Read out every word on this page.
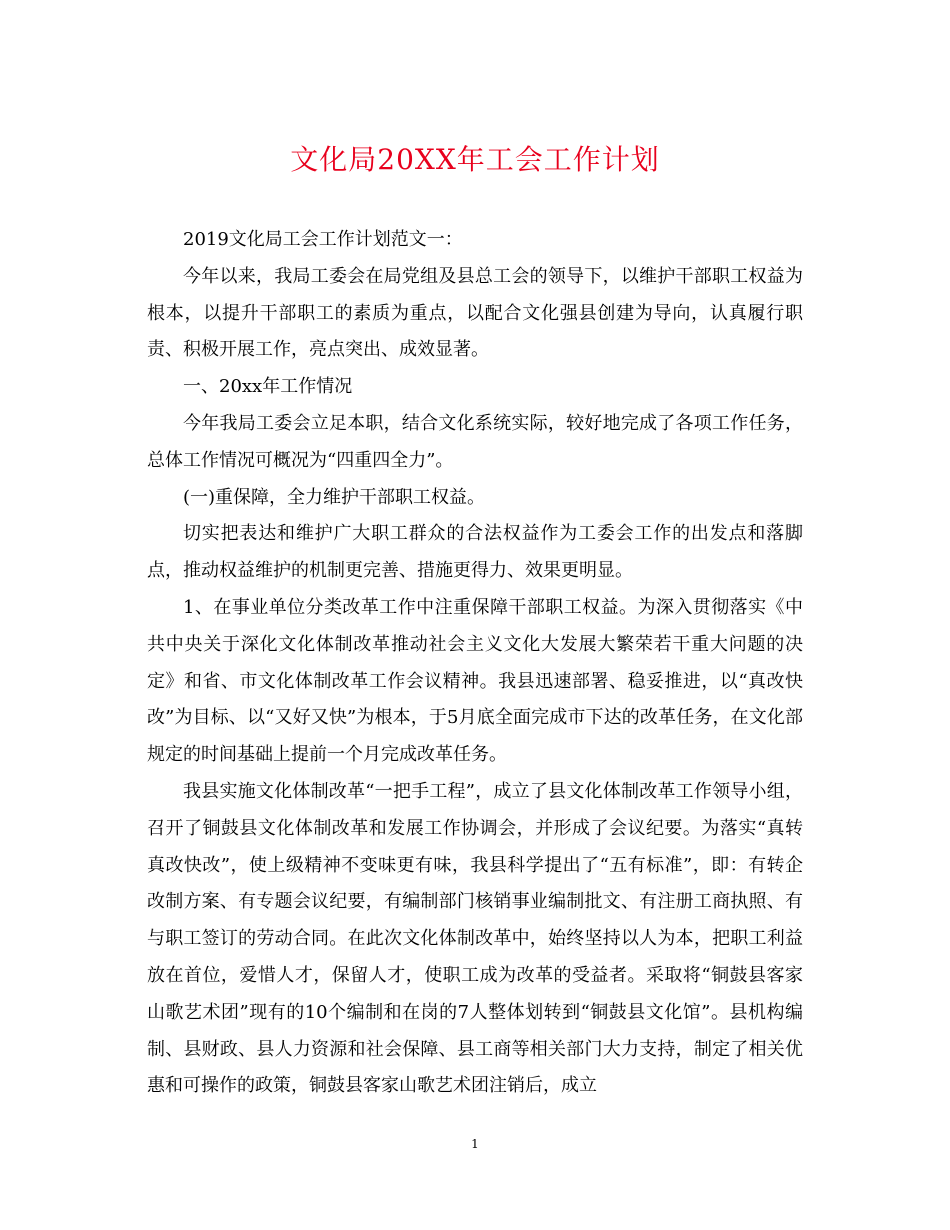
文化局20XX年工会工作计划

2019文化局工会工作计划范文一：

今年以来，我局工委会在局党组及县总工会的领导下，以维护干部职工权益为根本，以提升干部职工的素质为重点，以配合文化强县创建为导向，认真履行职责、积极开展工作，亮点突出、成效显著。

一、20xx年工作情况

今年我局工委会立足本职，结合文化系统实际，较好地完成了各项工作任务，总体工作情况可概况为“四重四全力”。

(一)重保障，全力维护干部职工权益。

切实把表达和维护广大职工群众的合法权益作为工委会工作的出发点和落脚点，推动权益维护的机制更完善、措施更得力、效果更明显。

1、在事业单位分类改革工作中注重保障干部职工权益。为深入贯彻落实《中共中央关于深化文化体制改革推动社会主义文化大发展大繁荣若干重大问题的决定》和省、市文化体制改革工作会议精神。我县迅速部署、稳妥推进，以“真改快改”为目标、以“又好又快”为根本，于5月底全面完成市下达的改革任务，在文化部规定的时间基础上提前一个月完成改革任务。

我县实施文化体制改革“一把手工程”，成立了县文化体制改革工作领导小组，召开了铜鼓县文化体制改革和发展工作协调会，并形成了会议纪要。为落实“真转真改快改”，使上级精神不变味更有味，我县科学提出了“五有标准”，即：有转企改制方案、有专题会议纪要，有编制部门核销事业编制批文、有注册工商执照、有与职工签订的劳动合同。在此次文化体制改革中，始终坚持以人为本，把职工利益放在首位，爱惜人才，保留人才，使职工成为改革的受益者。采取将“铜鼓县客家山歌艺术团”现有的10个编制和在岗的7人整体划转到“铜鼓县文化馆”。县机构编制、县财政、县人力资源和社会保障、县工商等相关部门大力支持，制定了相关优惠和可操作的政策，铜鼓县客家山歌艺术团注销后，成立

1
